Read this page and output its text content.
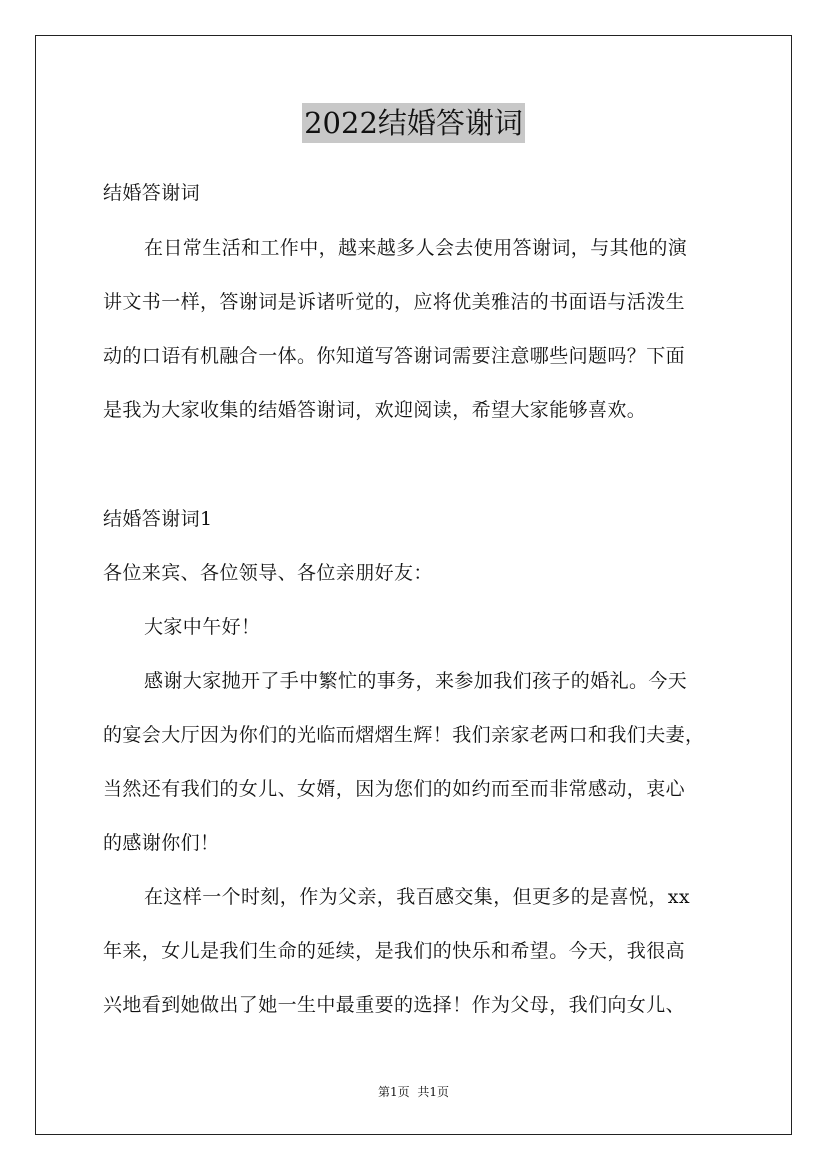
2022结婚答谢词
结婚答谢词
在日常生活和工作中，越来越多人会去使用答谢词，与其他的演
讲文书一样，答谢词是诉诸听觉的，应将优美雅洁的书面语与活泼生
动的口语有机融合一体。你知道写答谢词需要注意哪些问题吗？下面
是我为大家收集的结婚答谢词，欢迎阅读，希望大家能够喜欢。
结婚答谢词1
各位来宾、各位领导、各位亲朋好友：
大家中午好！
感谢大家抛开了手中繁忙的事务，来参加我们孩子的婚礼。今天
的宴会大厅因为你们的光临而熠熠生辉！我们亲家老两口和我们夫妻，
当然还有我们的女儿、女婿，因为您们的如约而至而非常感动，衷心
的感谢你们！
在这样一个时刻，作为父亲，我百感交集，但更多的是喜悦，xx
年来，女儿是我们生命的延续，是我们的快乐和希望。今天，我很高
兴地看到她做出了她一生中最重要的选择！作为父母，我们向女儿、
第1页 共1页
